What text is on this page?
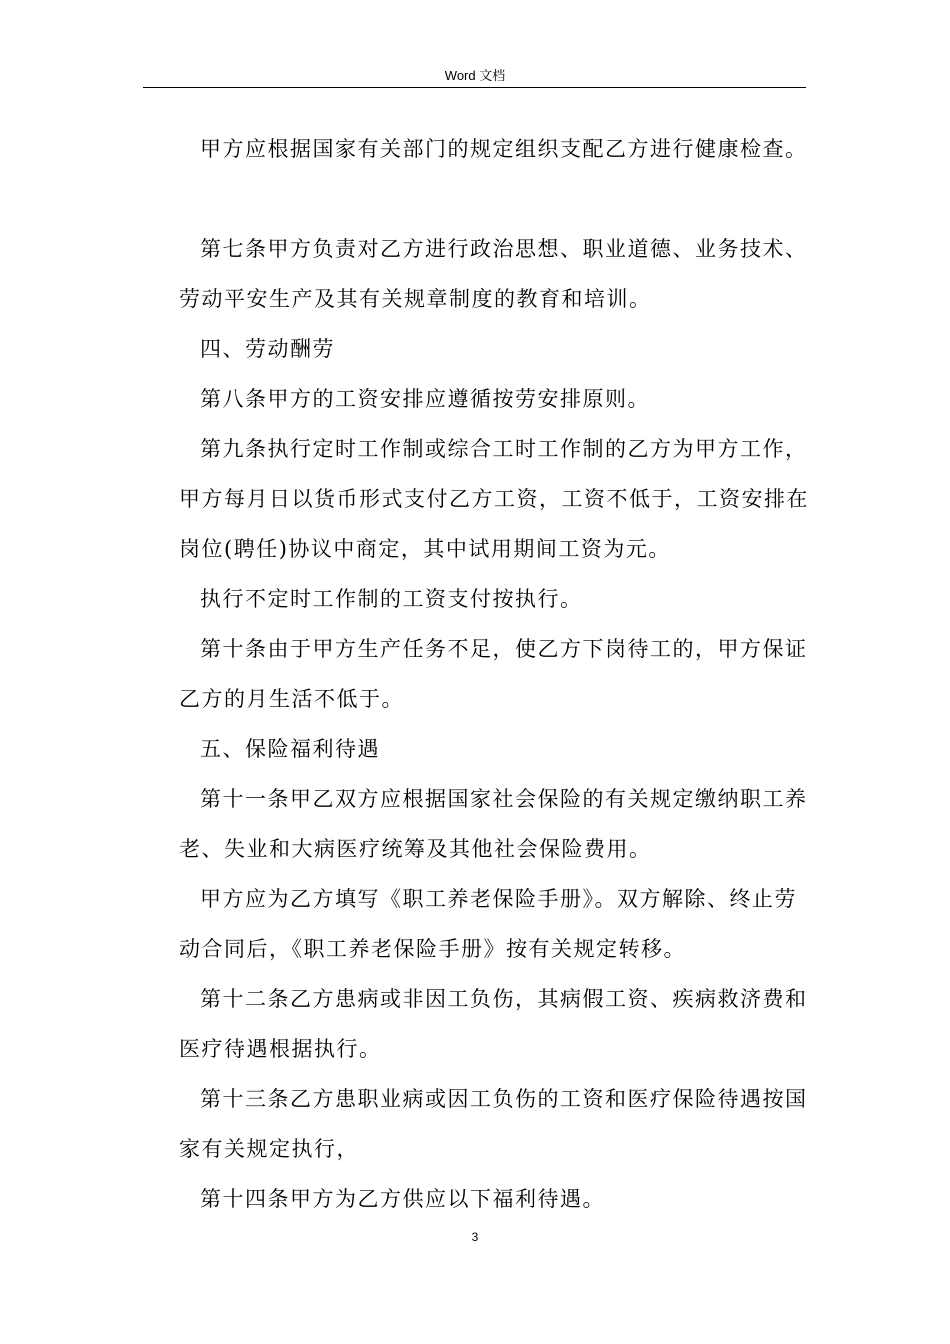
Word 文档
甲方应根据国家有关部门的规定组织支配乙方进行健康检查。
第七条甲方负责对乙方进行政治思想、职业道德、业务技术、
劳动平安生产及其有关规章制度的教育和培训。
四、劳动酬劳
第八条甲方的工资安排应遵循按劳安排原则。
第九条执行定时工作制或综合工时工作制的乙方为甲方工作，
甲方每月日以货币形式支付乙方工资，工资不低于，工资安排在
岗位(聘任)协议中商定，其中试用期间工资为元。
执行不定时工作制的工资支付按执行。
第十条由于甲方生产任务不足，使乙方下岗待工的，甲方保证
乙方的月生活不低于。
五、保险福利待遇
第十一条甲乙双方应根据国家社会保险的有关规定缴纳职工养
老、失业和大病医疗统筹及其他社会保险费用。
甲方应为乙方填写《职工养老保险手册》。双方解除、终止劳
动合同后，《职工养老保险手册》按有关规定转移。
第十二条乙方患病或非因工负伤，其病假工资、疾病救济费和
医疗待遇根据执行。
第十三条乙方患职业病或因工负伤的工资和医疗保险待遇按国
家有关规定执行，
第十四条甲方为乙方供应以下福利待遇。
3
